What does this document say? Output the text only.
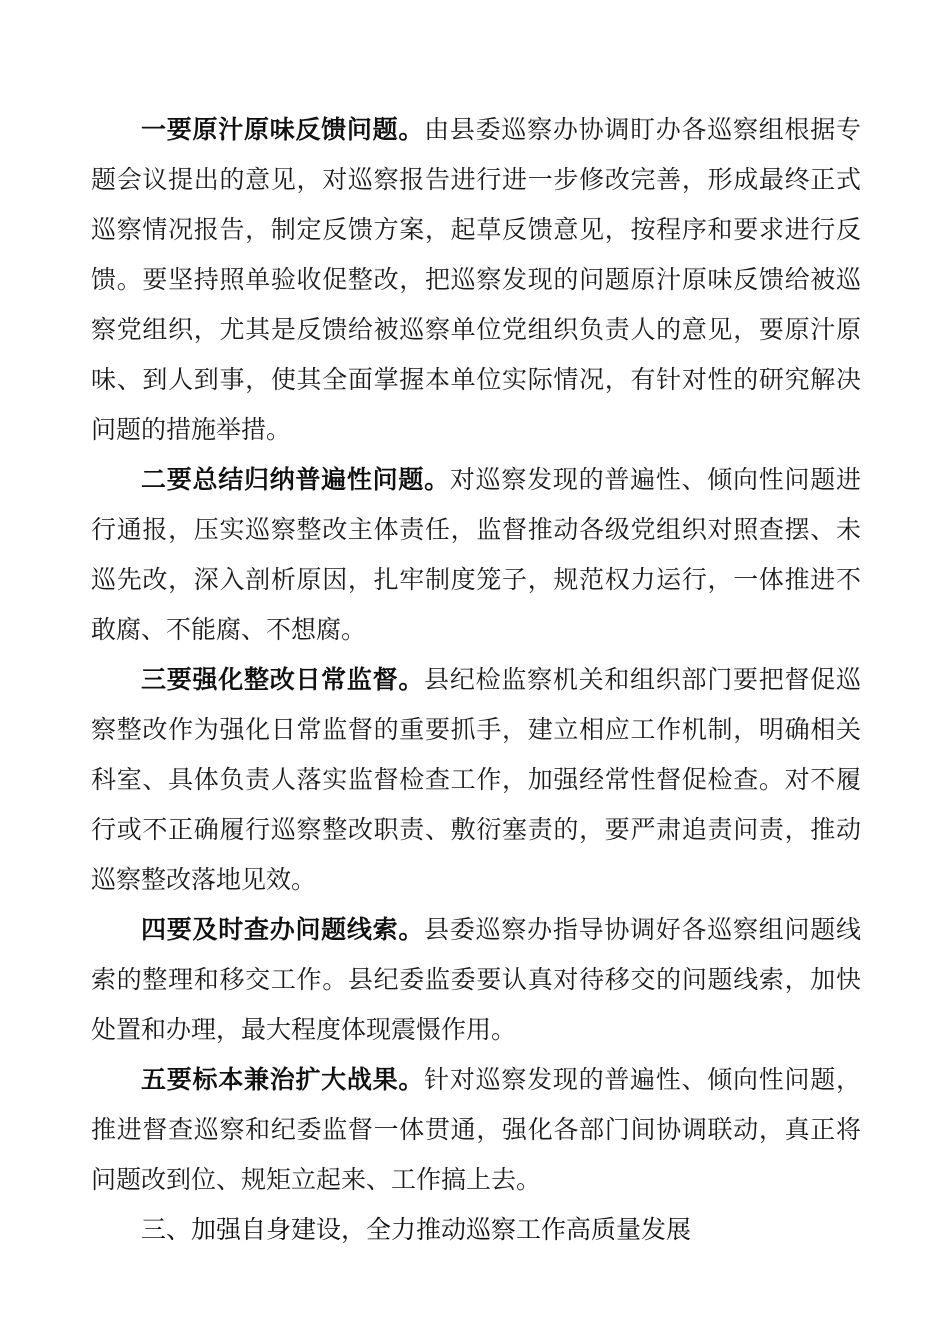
一要原汁原味反馈问题。由县委巡察办协调盯办各巡察组根据专题会议提出的意见，对巡察报告进行进一步修改完善，形成最终正式巡察情况报告，制定反馈方案，起草反馈意见，按程序和要求进行反馈。要坚持照单验收促整改，把巡察发现的问题原汁原味反馈给被巡察党组织，尤其是反馈给被巡察单位党组织负责人的意见，要原汁原味、到人到事，使其全面掌握本单位实际情况，有针对性的研究解决问题的措施举措。

二要总结归纳普遍性问题。对巡察发现的普遍性、倾向性问题进行通报，压实巡察整改主体责任，监督推动各级党组织对照查摆、未巡先改，深入剖析原因，扎牢制度笼子，规范权力运行，一体推进不敢腐、不能腐、不想腐。

三要强化整改日常监督。县纪检监察机关和组织部门要把督促巡察整改作为强化日常监督的重要抓手，建立相应工作机制，明确相关科室、具体负责人落实监督检查工作，加强经常性督促检查。对不履行或不正确履行巡察整改职责、敷衍塞责的，要严肃追责问责，推动巡察整改落地见效。

四要及时查办问题线索。县委巡察办指导协调好各巡察组问题线索的整理和移交工作。县纪委监委要认真对待移交的问题线索，加快处置和办理，最大程度体现震慑作用。

五要标本兼治扩大战果。针对巡察发现的普遍性、倾向性问题，推进督查巡察和纪委监督一体贯通，强化各部门间协调联动，真正将问题改到位、规矩立起来、工作搞上去。

三、加强自身建设，全力推动巡察工作高质量发展
